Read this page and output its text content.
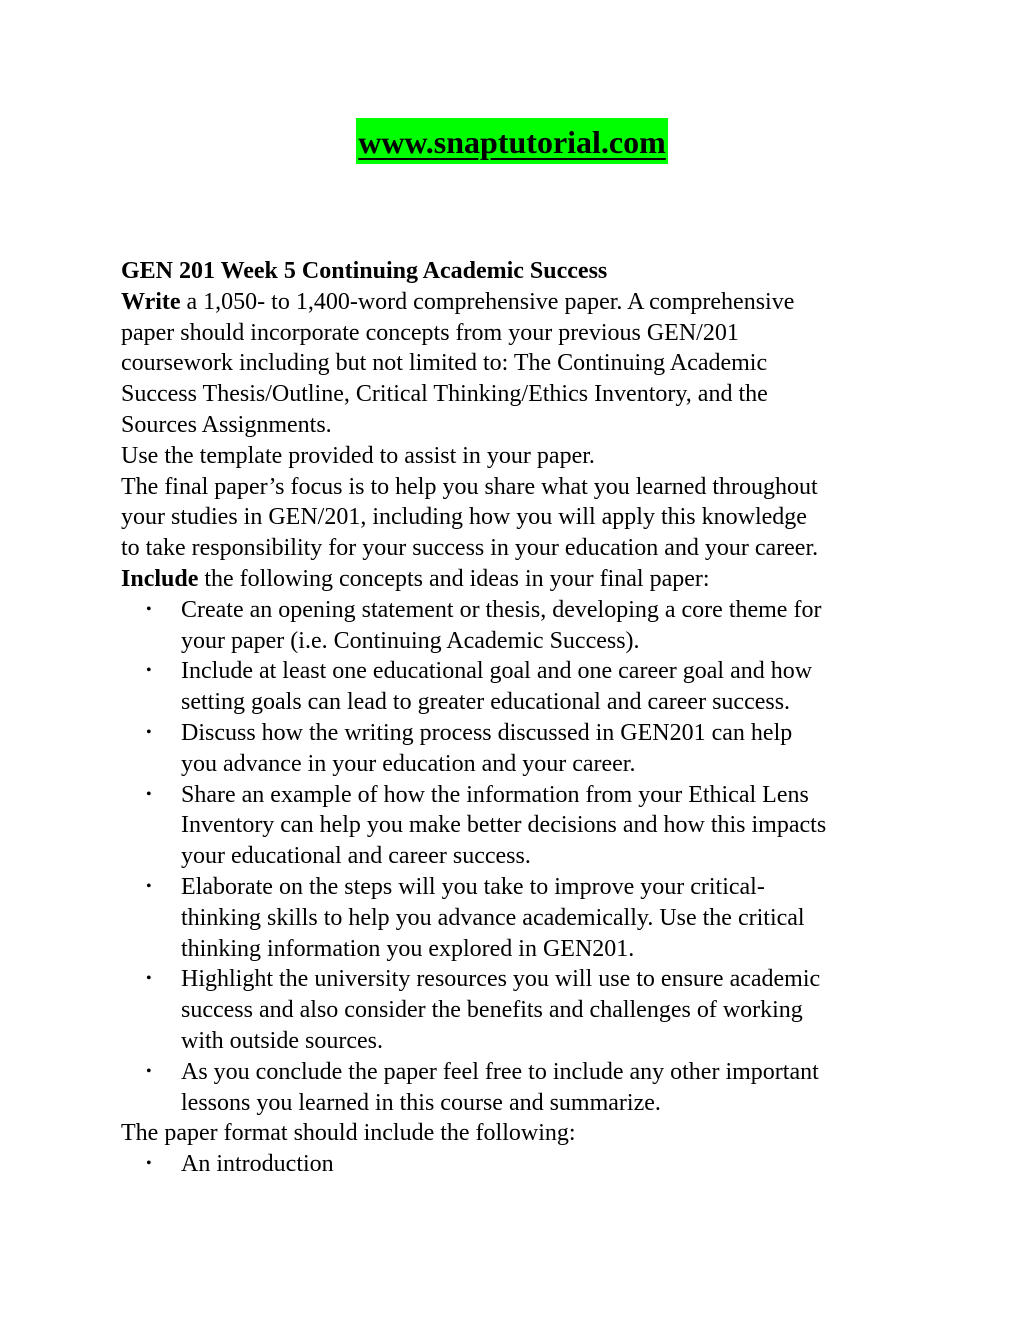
www.snaptutorial.com

GEN 201 Week 5 Continuing Academic Success

Write a 1,050- to 1,400-word comprehensive paper. A comprehensive

paper should incorporate concepts from your previous GEN/201

coursework including but not limited to: The Continuing Academic

Success Thesis/Outline, Critical Thinking/Ethics Inventory, and the

Sources Assignments.

Use the template provided to assist in your paper.

The final paper’s focus is to help you share what you learned throughout

your studies in GEN/201, including how you will apply this knowledge

to take responsibility for your success in your education and your career.

Include the following concepts and ideas in your final paper:

• Create an opening statement or thesis, developing a core theme for

your paper (i.e. Continuing Academic Success).

• Include at least one educational goal and one career goal and how

setting goals can lead to greater educational and career success.

• Discuss how the writing process discussed in GEN201 can help

you advance in your education and your career.

• Share an example of how the information from your Ethical Lens

Inventory can help you make better decisions and how this impacts

your educational and career success.

• Elaborate on the steps will you take to improve your critical-

thinking skills to help you advance academically. Use the critical

thinking information you explored in GEN201.

• Highlight the university resources you will use to ensure academic

success and also consider the benefits and challenges of working

with outside sources.

• As you conclude the paper feel free to include any other important

lessons you learned in this course and summarize.

The paper format should include the following:

• An introduction
